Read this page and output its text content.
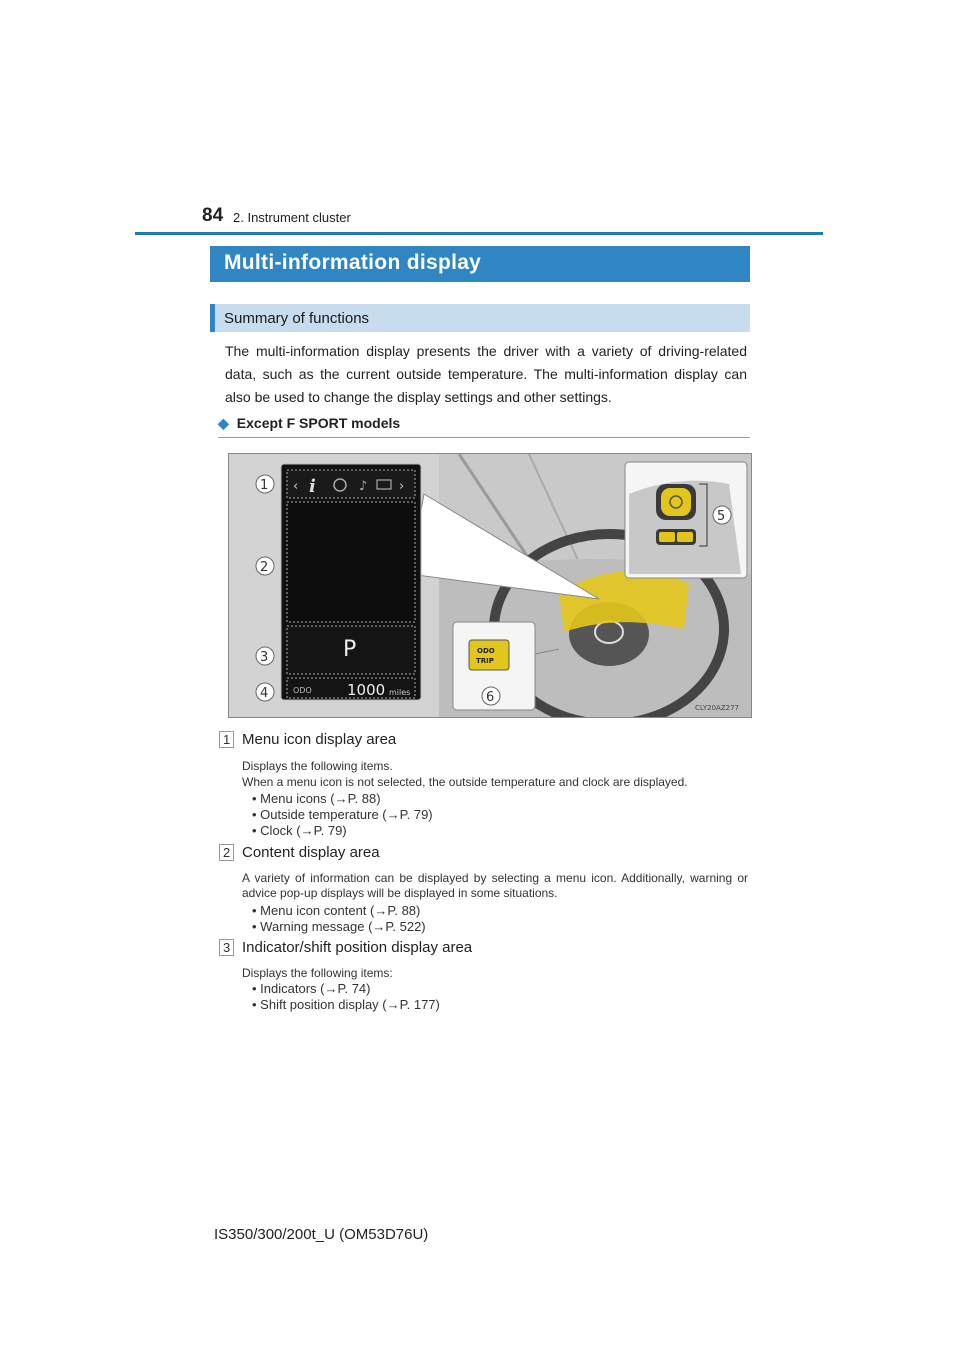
84 2. Instrument cluster
Multi-information display
Summary of functions
The multi-information display presents the driver with a variety of driving-related data, such as the current outside temperature. The multi-information display can also be used to change the display settings and other settings.
◆ Except F SPORT models
‹ i	♪ ›
P
ODO 1000 miles
1
2
3
4
5
ODO
TRIP
6
CLY20AZ277
1 Menu icon display area
Displays the following items.
When a menu icon is not selected, the outside temperature and clock are displayed.
• Menu icons (→P. 88)
• Outside temperature (→P. 79)
• Clock (→P. 79)
2 Content display area
A variety of information can be displayed by selecting a menu icon. Additionally, warning or advice pop-up displays will be displayed in some situations.
• Menu icon content (→P. 88)
• Warning message (→P. 522)
3 Indicator/shift position display area
Displays the following items:
• Indicators (→P. 74)
• Shift position display (→P. 177)
IS350/300/200t_U (OM53D76U)
